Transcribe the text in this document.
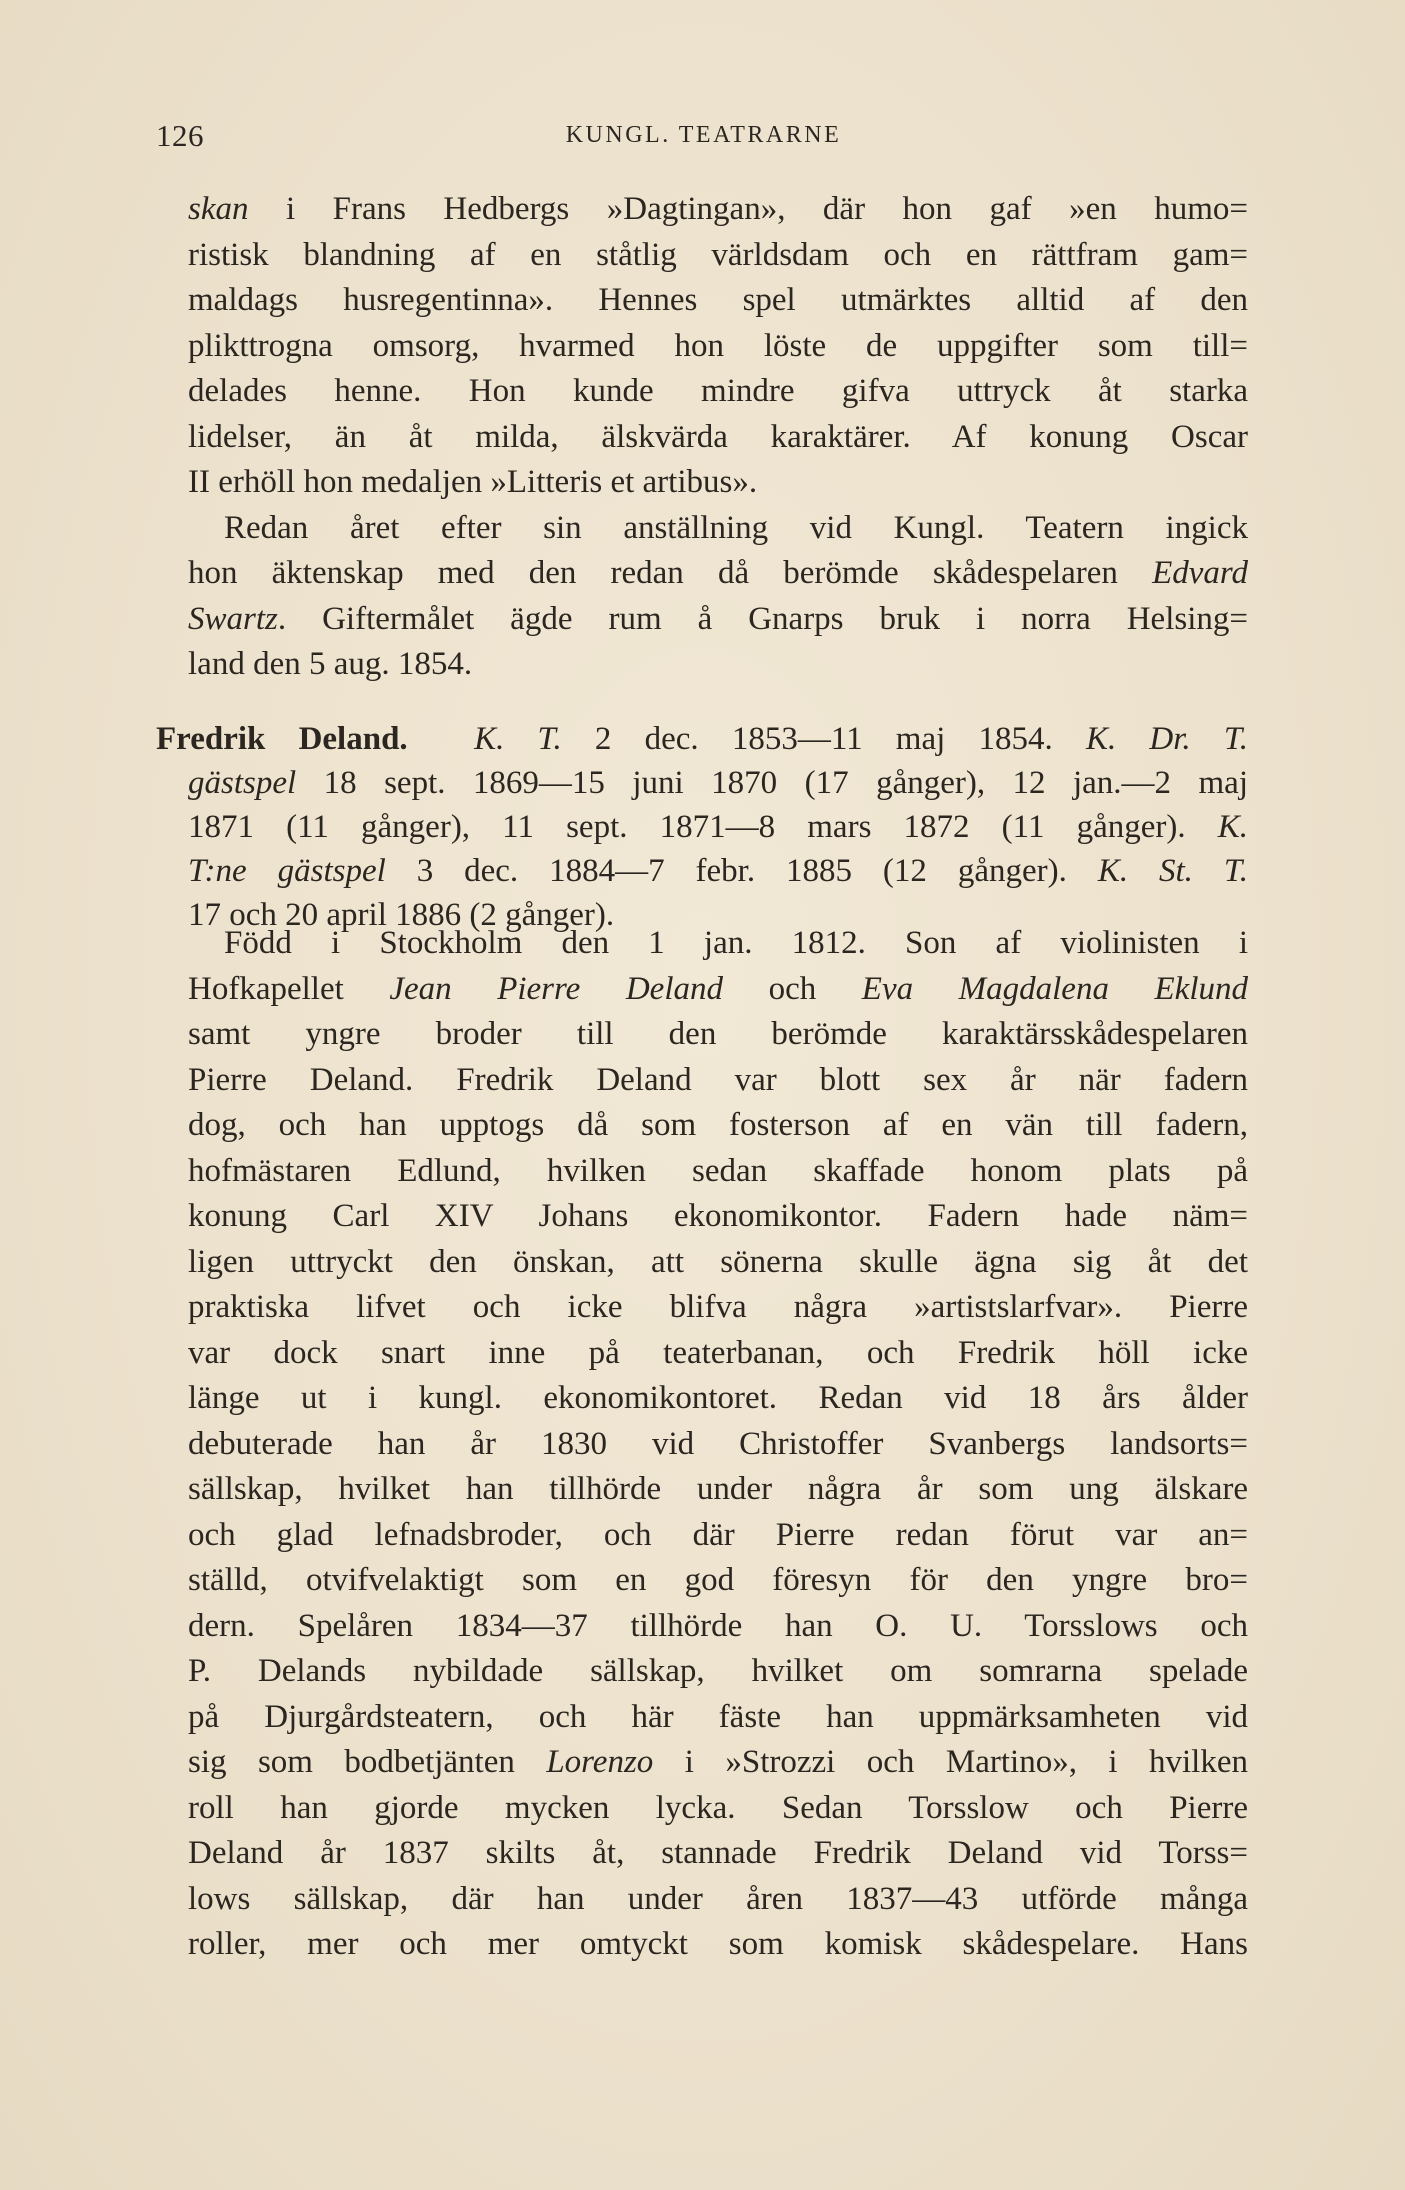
126	KUNGL. TEATRARNE
skan i Frans Hedbergs »Dagtingan», där hon gaf »en humo=
ristisk blandning af en ståtlig världsdam och en rättfram gam=
maldags husregentinna». Hennes spel utmärktes alltid af den
plikttrogna omsorg, hvarmed hon löste de uppgifter som till=
delades henne. Hon kunde mindre gifva uttryck åt starka
lidelser, än åt milda, älskvärda karaktärer. Af konung Oscar
II erhöll hon medaljen »Litteris et artibus».
Redan året efter sin anställning vid Kungl. Teatern ingick
hon äktenskap med den redan då berömde skådespelaren Edvard
Swartz. Giftermålet ägde rum å Gnarps bruk i norra Helsing=
land den 5 aug. 1854.
Fredrik Deland. K. T. 2 dec. 1853—11 maj 1854. K. Dr. T.
gästspel 18 sept. 1869—15 juni 1870 (17 gånger), 12 jan.—2 maj
1871 (11 gånger), 11 sept. 1871—8 mars 1872 (11 gånger). K.
T:ne gästspel 3 dec. 1884—7 febr. 1885 (12 gånger). K. St. T.
17 och 20 april 1886 (2 gånger).
Född i Stockholm den 1 jan. 1812. Son af violinisten i
Hofkapellet Jean Pierre Deland och Eva Magdalena Eklund
samt yngre broder till den berömde karaktärsskådespelaren
Pierre Deland. Fredrik Deland var blott sex år när fadern
dog, och han upptogs då som fosterson af en vän till fadern,
hofmästaren Edlund, hvilken sedan skaffade honom plats på
konung Carl XIV Johans ekonomikontor. Fadern hade näm=
ligen uttryckt den önskan, att sönerna skulle ägna sig åt det
praktiska lifvet och icke blifva några »artistslarfvar». Pierre
var dock snart inne på teaterbanan, och Fredrik höll icke
länge ut i kungl. ekonomikontoret. Redan vid 18 års ålder
debuterade han år 1830 vid Christoffer Svanbergs landsorts=
sällskap, hvilket han tillhörde under några år som ung älskare
och glad lefnadsbroder, och där Pierre redan förut var an=
ställd, otvifvelaktigt som en god föresyn för den yngre bro=
dern. Spelåren 1834—37 tillhörde han O. U. Torsslows och
P. Delands nybildade sällskap, hvilket om somrarna spelade
på Djurgårdsteatern, och här fäste han uppmärksamheten vid
sig som bodbetjänten Lorenzo i »Strozzi och Martino», i hvilken
roll han gjorde mycken lycka. Sedan Torsslow och Pierre
Deland år 1837 skilts åt, stannade Fredrik Deland vid Torss=
lows sällskap, där han under åren 1837—43 utförde många
roller, mer och mer omtyckt som komisk skådespelare. Hans
